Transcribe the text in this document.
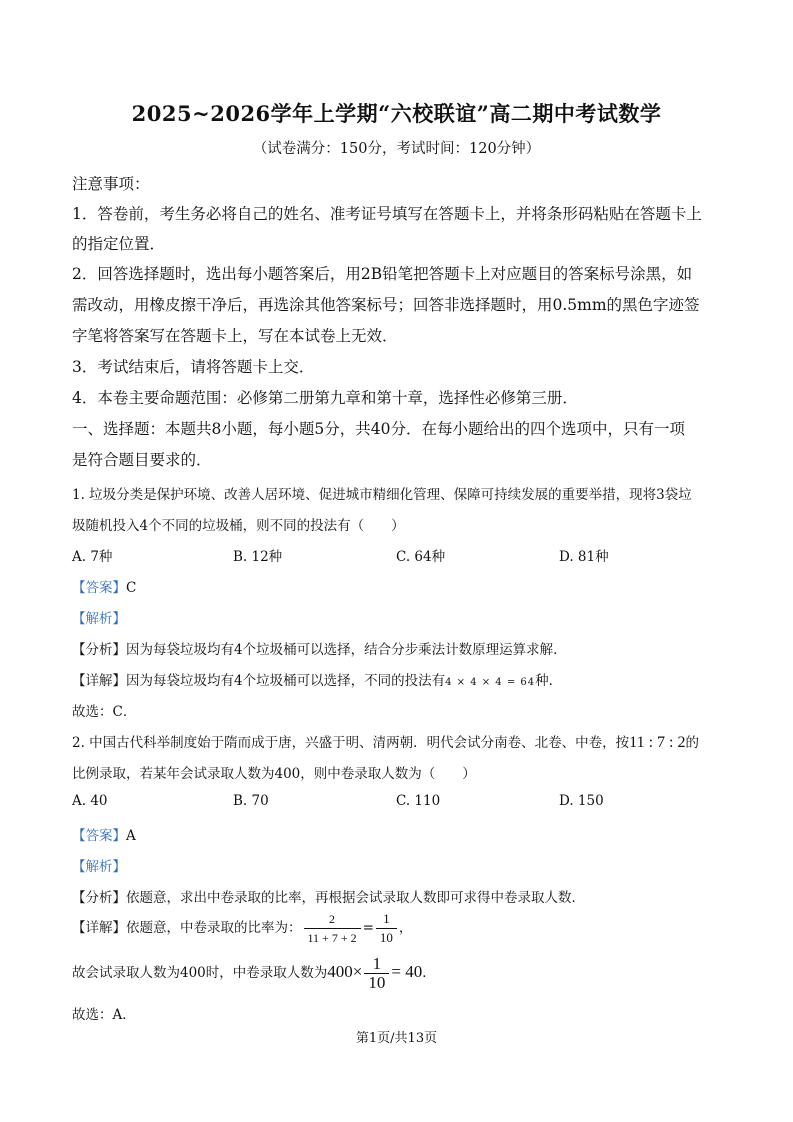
2025~2026学年上学期“六校联谊”高二期中考试数学
（试卷满分：150分，考试时间：120分钟）
注意事项：
1．答卷前，考生务必将自己的姓名、准考证号填写在答题卡上，并将条形码粘贴在答题卡上
的指定位置．
2．回答选择题时，选出每小题答案后，用2B铅笔把答题卡上对应题目的答案标号涂黑，如
需改动，用橡皮擦干净后，再选涂其他答案标号；回答非选择题时，用0.5mm的黑色字迹签
字笔将答案写在答题卡上，写在本试卷上无效．
3．考试结束后，请将答题卡上交．
4．本卷主要命题范围：必修第二册第九章和第十章，选择性必修第三册．
一、选择题：本题共8小题，每小题5分，共40分．在每小题给出的四个选项中，只有一项
是符合题目要求的．
1. 垃圾分类是保护环境、改善人居环境、促进城市精细化管理、保障可持续发展的重要举措，现将3袋垃
圾随机投入4个不同的垃圾桶，则不同的投法有（　　）
A. 7种	B. 12种	C. 64种	D. 81种
【答案】C
【解析】
【分析】因为每袋垃圾均有4个垃圾桶可以选择，结合分步乘法计数原理运算求解．
【详解】因为每袋垃圾均有4个垃圾桶可以选择，不同的投法有4 × 4 × 4 = 64种．
故选：C．
2. 中国古代科举制度始于隋而成于唐，兴盛于明、清两朝．明代会试分南卷、北卷、中卷，按11 : 7 : 2的
比例录取，若某年会试录取人数为400，则中卷录取人数为（　　）
A. 40	B. 70	C. 110	D. 150
【答案】A
【解析】
【分析】依题意，求出中卷录取的比率，再根据会试录取人数即可求得中卷录取人数．
【详解】依题意，中卷录取的比率为： $\frac{2}{11 + 7 + 2} = \frac{1}{10}$ ，
故会试录取人数为400时，中卷录取人数为$400\times \frac{1}{10} = 40$．
故选：A．
第1页/共13页
